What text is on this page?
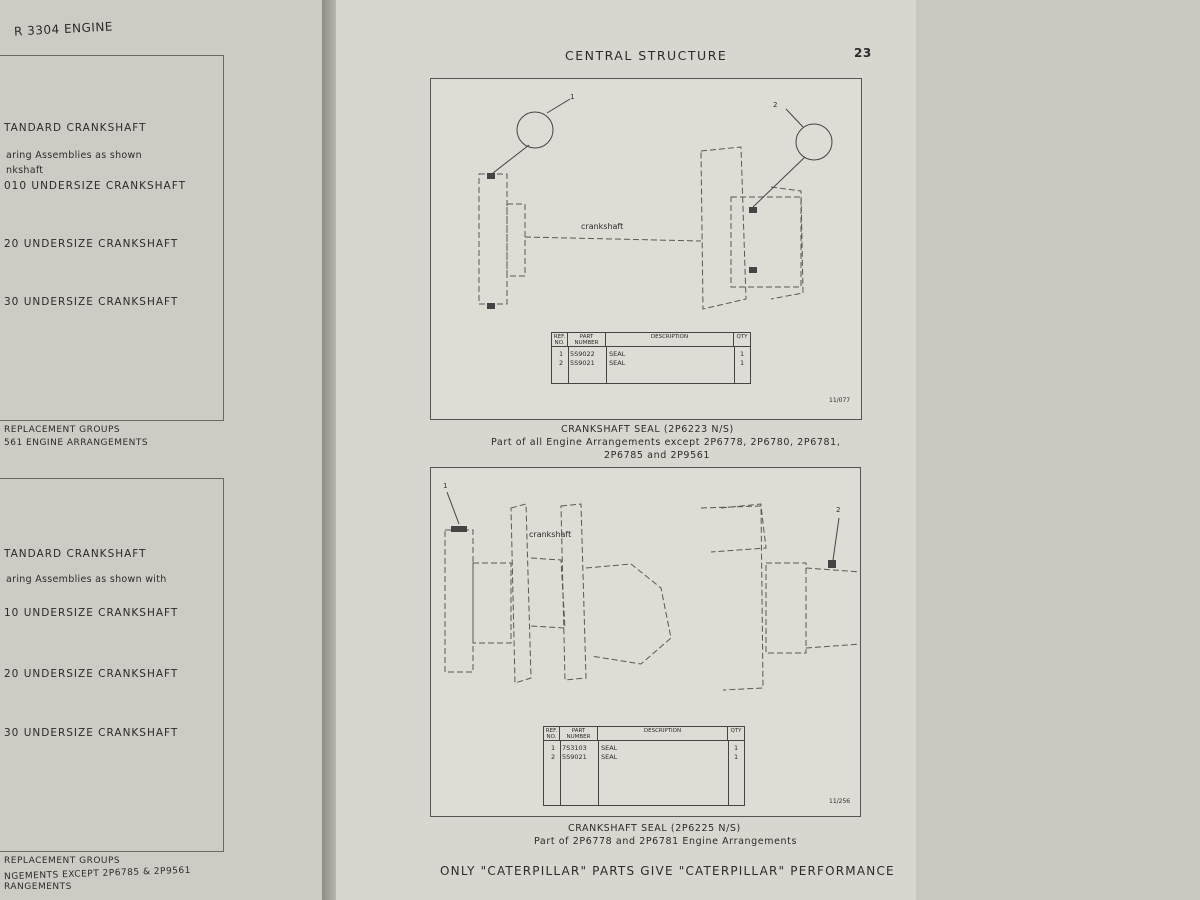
R 3304 ENGINE
TANDARD CRANKSHAFT
aring Assemblies as shown
nkshaft
010 UNDERSIZE CRANKSHAFT
20 UNDERSIZE CRANKSHAFT
30 UNDERSIZE CRANKSHAFT
REPLACEMENT GROUPS
561 ENGINE ARRANGEMENTS
TANDARD CRANKSHAFT
aring Assemblies as shown with
10 UNDERSIZE CRANKSHAFT
20 UNDERSIZE CRANKSHAFT
30 UNDERSIZE CRANKSHAFT
REPLACEMENT GROUPS
NGEMENTS EXCEPT 2P6785 & 2P9561
RANGEMENTS
CENTRAL STRUCTURE	23
1
2
crankshaft
REF. NO.
PART NUMBER
DESCRIPTION	QTY
1 5S9022 SEAL	1
2 5S9021 SEAL	1
11/077
CRANKSHAFT SEAL (2P6223 N/S)
Part of all Engine Arrangements except 2P6778, 2P6780, 2P6781,
2P6785 and 2P9561
2
1
crankshaft
REF. NO.
PART NUMBER
DESCRIPTION	QTY
1 7S3103 SEAL	1
2 5S9021 SEAL	1
11/256
CRANKSHAFT SEAL (2P6225 N/S)
Part of 2P6778 and 2P6781 Engine Arrangements
ONLY "CATERPILLAR" PARTS GIVE "CATERPILLAR" PERFORMANCE
